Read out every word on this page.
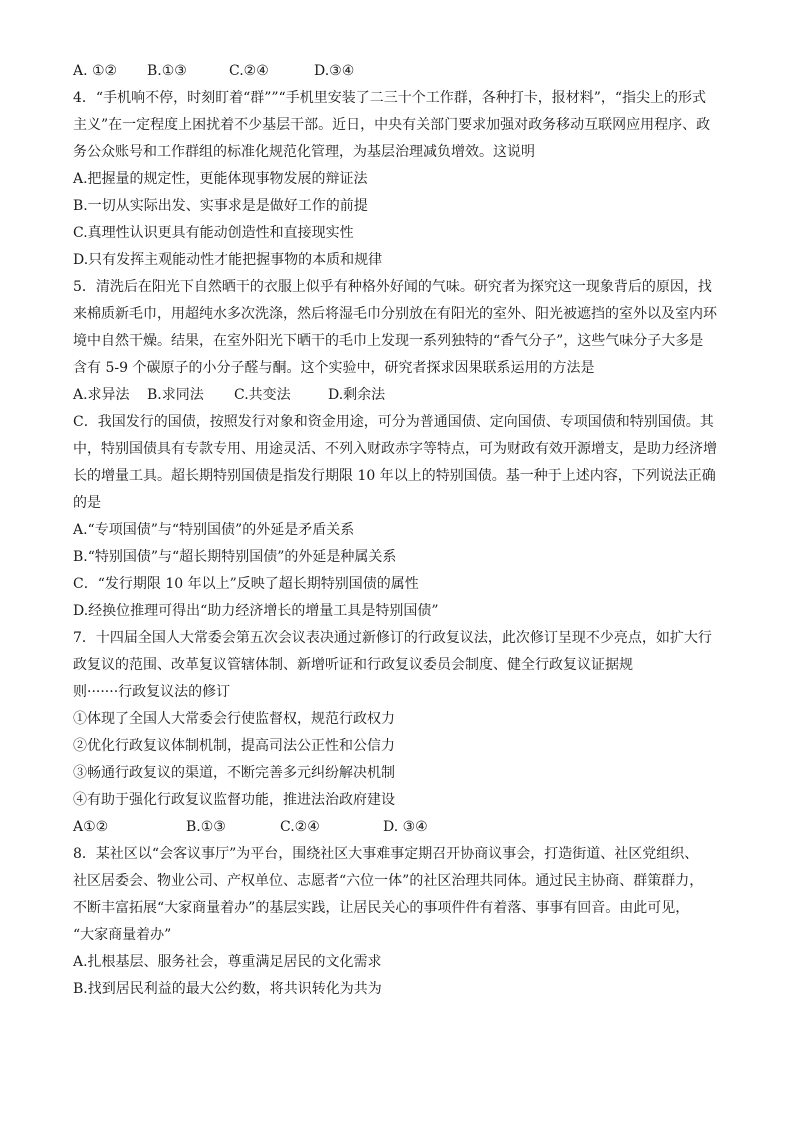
A. ①②	B.①③	C.②④	D.③④
4．“手机响不停，时刻盯着“群””“手机里安装了二三十个工作群，各种打卡，报材料”，“指尖上的形式
主义”在一定程度上困扰着不少基层干部。近日，中央有关部门要求加强对政务移动互联网应用程序、政
务公众账号和工作群组的标准化规范化管理，为基层治理减负增效。这说明
A.把握量的规定性，更能体现事物发展的辩证法
B.一切从实际出发、实事求是是做好工作的前提
C.真理性认识更具有能动创造性和直接现实性
D.只有发挥主观能动性才能把握事物的本质和规律
5．清洗后在阳光下自然晒干的衣服上似乎有种格外好闻的气味。研究者为探究这一现象背后的原因，找
来棉质新毛巾，用超纯水多次洗涤，然后将湿毛巾分别放在有阳光的室外、阳光被遮挡的室外以及室内环
境中自然干燥。结果，在室外阳光下晒干的毛巾上发现一系列独特的“香气分子”，这些气味分子大多是
含有 5-9 个碳原子的小分子醛与酮。这个实验中，研究者探求因果联系运用的方法是
A.求异法	B.求同法	C.共变法	D.剩余法
C．我国发行的国债，按照发行对象和资金用途，可分为普通国债、定向国债、专项国债和特别国债。其
中，特别国债具有专款专用、用途灵活、不列入财政赤字等特点，可为财政有效开源增支，是助力经济增
长的增量工具。超长期特别国债是指发行期限 10 年以上的特别国债。基一种于上述内容，下列说法正确
的是
A.“专项国债”与“特别国债”的外延是矛盾关系
B.“特别国债”与“超长期特别国债”的外延是种属关系
C．“发行期限 10 年以上”反映了超长期特别国债的属性
D.经换位推理可得出“助力经济增长的增量工具是特别国债”
7．十四届全国人大常委会第五次会议表决通过新修订的行政复议法，此次修订呈现不少亮点，如扩大行
政复议的范围、改革复议管辖体制、新增听证和行政复议委员会制度、健全行政复议证据规
则·······行政复议法的修订
①体现了全国人大常委会行使监督权，规范行政权力
②优化行政复议体制机制，提高司法公正性和公信力
③畅通行政复议的渠道，不断完善多元纠纷解决机制
④有助于强化行政复议监督功能，推进法治政府建设
A①②	B.①③	C.②④	D. ③④
8．某社区以“会客议事厅”为平台，围绕社区大事难事定期召开协商议事会，打造街道、社区党组织、
社区居委会、物业公司、产权单位、志愿者“六位一体”的社区治理共同体。通过民主协商、群策群力，
不断丰富拓展“大家商量着办”的基层实践，让居民关心的事项件件有着落、事事有回音。由此可见，
“大家商量着办”
A.扎根基层、服务社会，尊重满足居民的文化需求
B.找到居民利益的最大公约数，将共识转化为共为
